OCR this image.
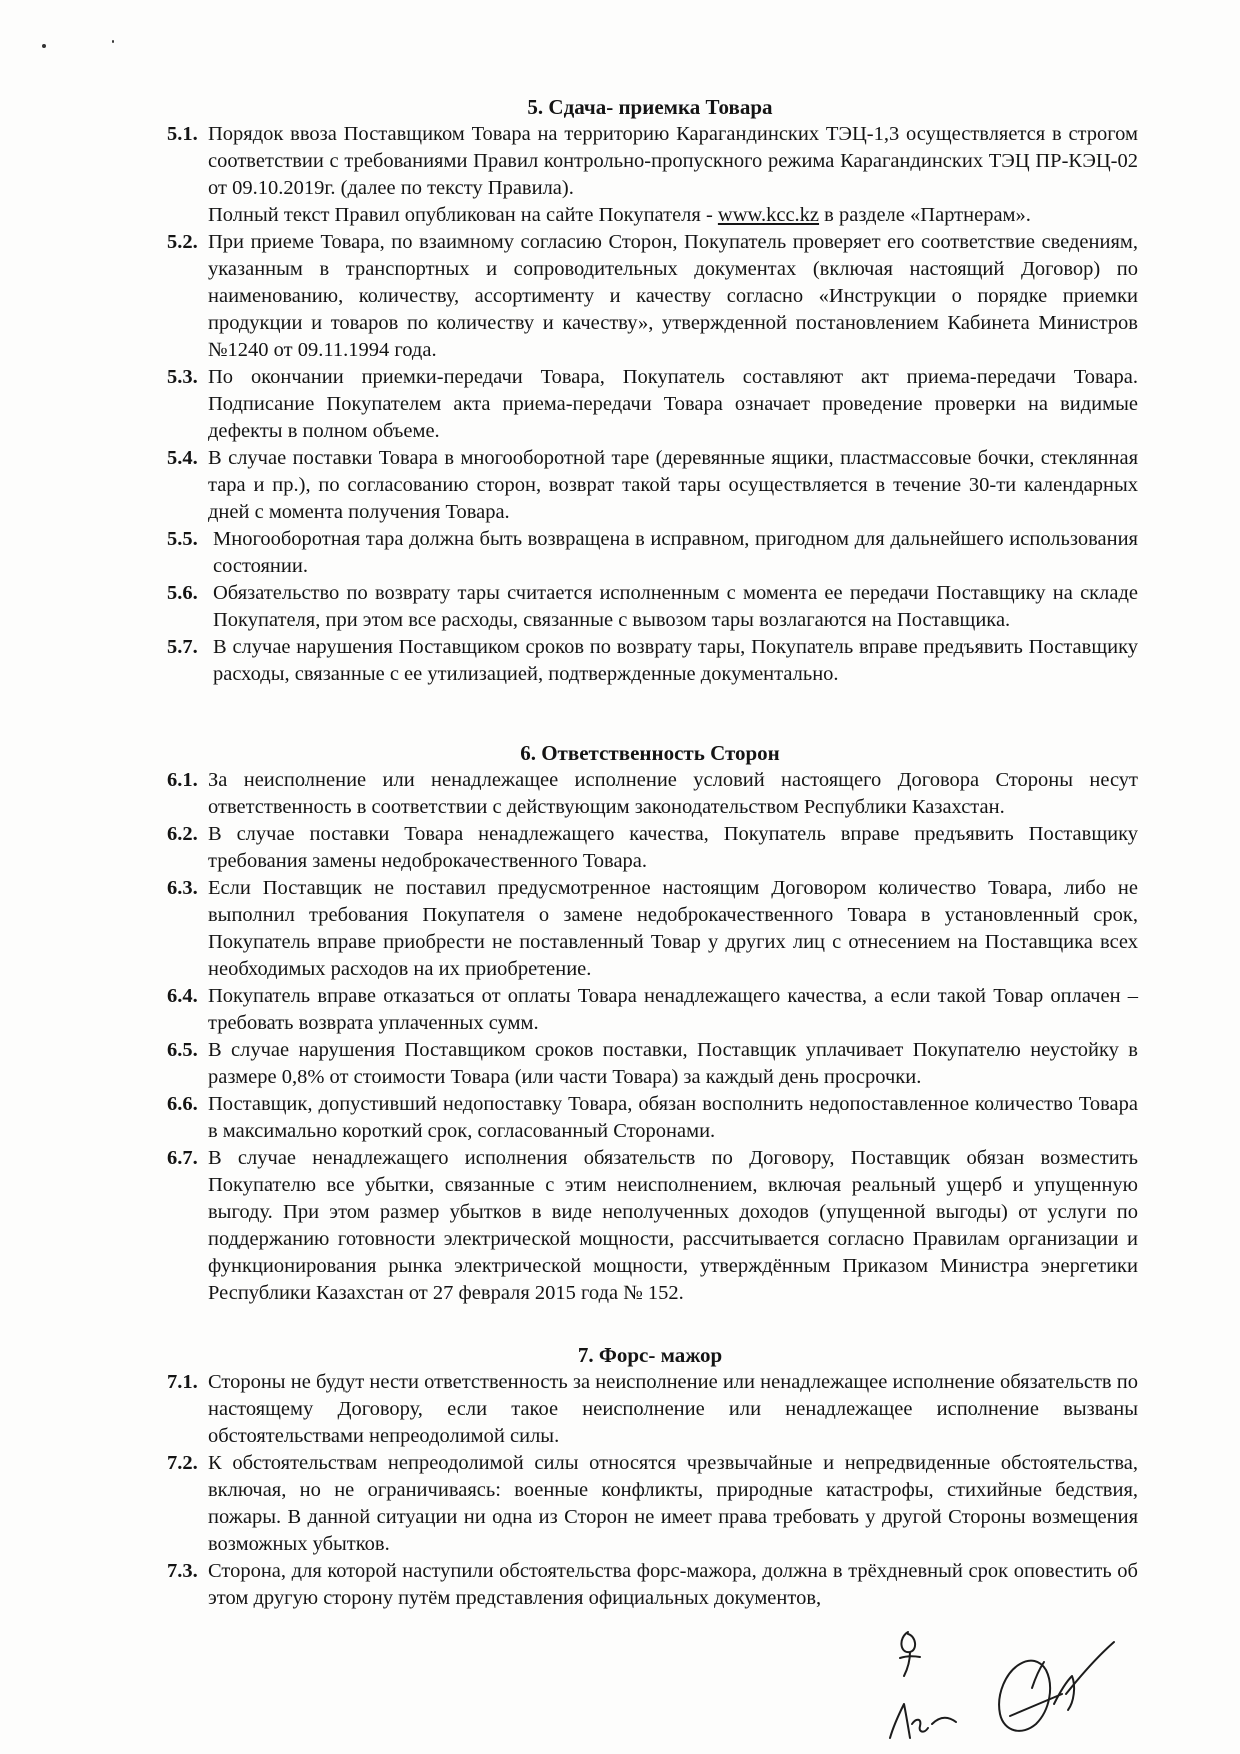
5. Сдача- приемка Товара
5.1. Порядок ввоза Поставщиком Товара на территорию Карагандинских ТЭЦ-1,3 осуществляется в строгом соответствии с требованиями Правил контрольно-пропускного режима Карагандинских ТЭЦ ПР-КЭЦ-02 от 09.10.2019г. (далее по тексту Правила).
Полный текст Правил опубликован на сайте Покупателя - www.kcc.kz в разделе «Партнерам».
5.2. При приеме Товара, по взаимному согласию Сторон, Покупатель проверяет его соответствие сведениям, указанным в транспортных и сопроводительных документах (включая настоящий Договор) по наименованию, количеству, ассортименту и качеству согласно «Инструкции о порядке приемки продукции и товаров по количеству и качеству», утвержденной постановлением Кабинета Министров №1240 от 09.11.1994 года.
5.3. По окончании приемки-передачи Товара, Покупатель составляют акт приема-передачи Товара. Подписание Покупателем акта приема-передачи Товара означает проведение проверки на видимые дефекты в полном объеме.
5.4. В случае поставки Товара в многооборотной таре (деревянные ящики, пластмассовые бочки, стеклянная тара и пр.), по согласованию сторон, возврат такой тары осуществляется в течение 30-ти календарных дней с момента получения Товара.
5.5. Многооборотная тара должна быть возвращена в исправном, пригодном для дальнейшего использования состоянии.
5.6. Обязательство по возврату тары считается исполненным с момента ее передачи Поставщику на складе Покупателя, при этом все расходы, связанные с вывозом тары возлагаются на Поставщика.
5.7. В случае нарушения Поставщиком сроков по возврату тары, Покупатель вправе предъявить Поставщику расходы, связанные с ее утилизацией, подтвержденные документально.
6. Ответственность Сторон
6.1. За неисполнение или ненадлежащее исполнение условий настоящего Договора Стороны несут ответственность в соответствии с действующим законодательством Республики Казахстан.
6.2. В случае поставки Товара ненадлежащего качества, Покупатель вправе предъявить Поставщику требования замены недоброкачественного Товара.
6.3. Если Поставщик не поставил предусмотренное настоящим Договором количество Товара, либо не выполнил требования Покупателя о замене недоброкачественного Товара в установленный срок, Покупатель вправе приобрести не поставленный Товар у других лиц с отнесением на Поставщика всех необходимых расходов на их приобретение.
6.4. Покупатель вправе отказаться от оплаты Товара ненадлежащего качества, а если такой Товар оплачен – требовать возврата уплаченных сумм.
6.5. В случае нарушения Поставщиком сроков поставки, Поставщик уплачивает Покупателю неустойку в размере 0,8% от стоимости Товара (или части Товара) за каждый день просрочки.
6.6. Поставщик, допустивший недопоставку Товара, обязан восполнить недопоставленное количество Товара в максимально короткий срок, согласованный Сторонами.
6.7. В случае ненадлежащего исполнения обязательств по Договору, Поставщик обязан возместить Покупателю все убытки, связанные с этим неисполнением, включая реальный ущерб и упущенную выгоду. При этом размер убытков в виде неполученных доходов (упущенной выгоды) от услуги по поддержанию готовности электрической мощности, рассчитывается согласно Правилам организации и функционирования рынка электрической мощности, утверждённым Приказом Министра энергетики Республики Казахстан от 27 февраля 2015 года № 152.
7. Форс- мажор
7.1. Стороны не будут нести ответственность за неисполнение или ненадлежащее исполнение обязательств по настоящему Договору, если такое неисполнение или ненадлежащее исполнение вызваны обстоятельствами непреодолимой силы.
7.2. К обстоятельствам непреодолимой силы относятся чрезвычайные и непредвиденные обстоятельства, включая, но не ограничиваясь: военные конфликты, природные катастрофы, стихийные бедствия, пожары. В данной ситуации ни одна из Сторон не имеет права требовать у другой Стороны возмещения возможных убытков.
7.3. Сторона, для которой наступили обстоятельства форс-мажора, должна в трёхдневный срок оповестить об этом другую сторону путём представления официальных документов,
